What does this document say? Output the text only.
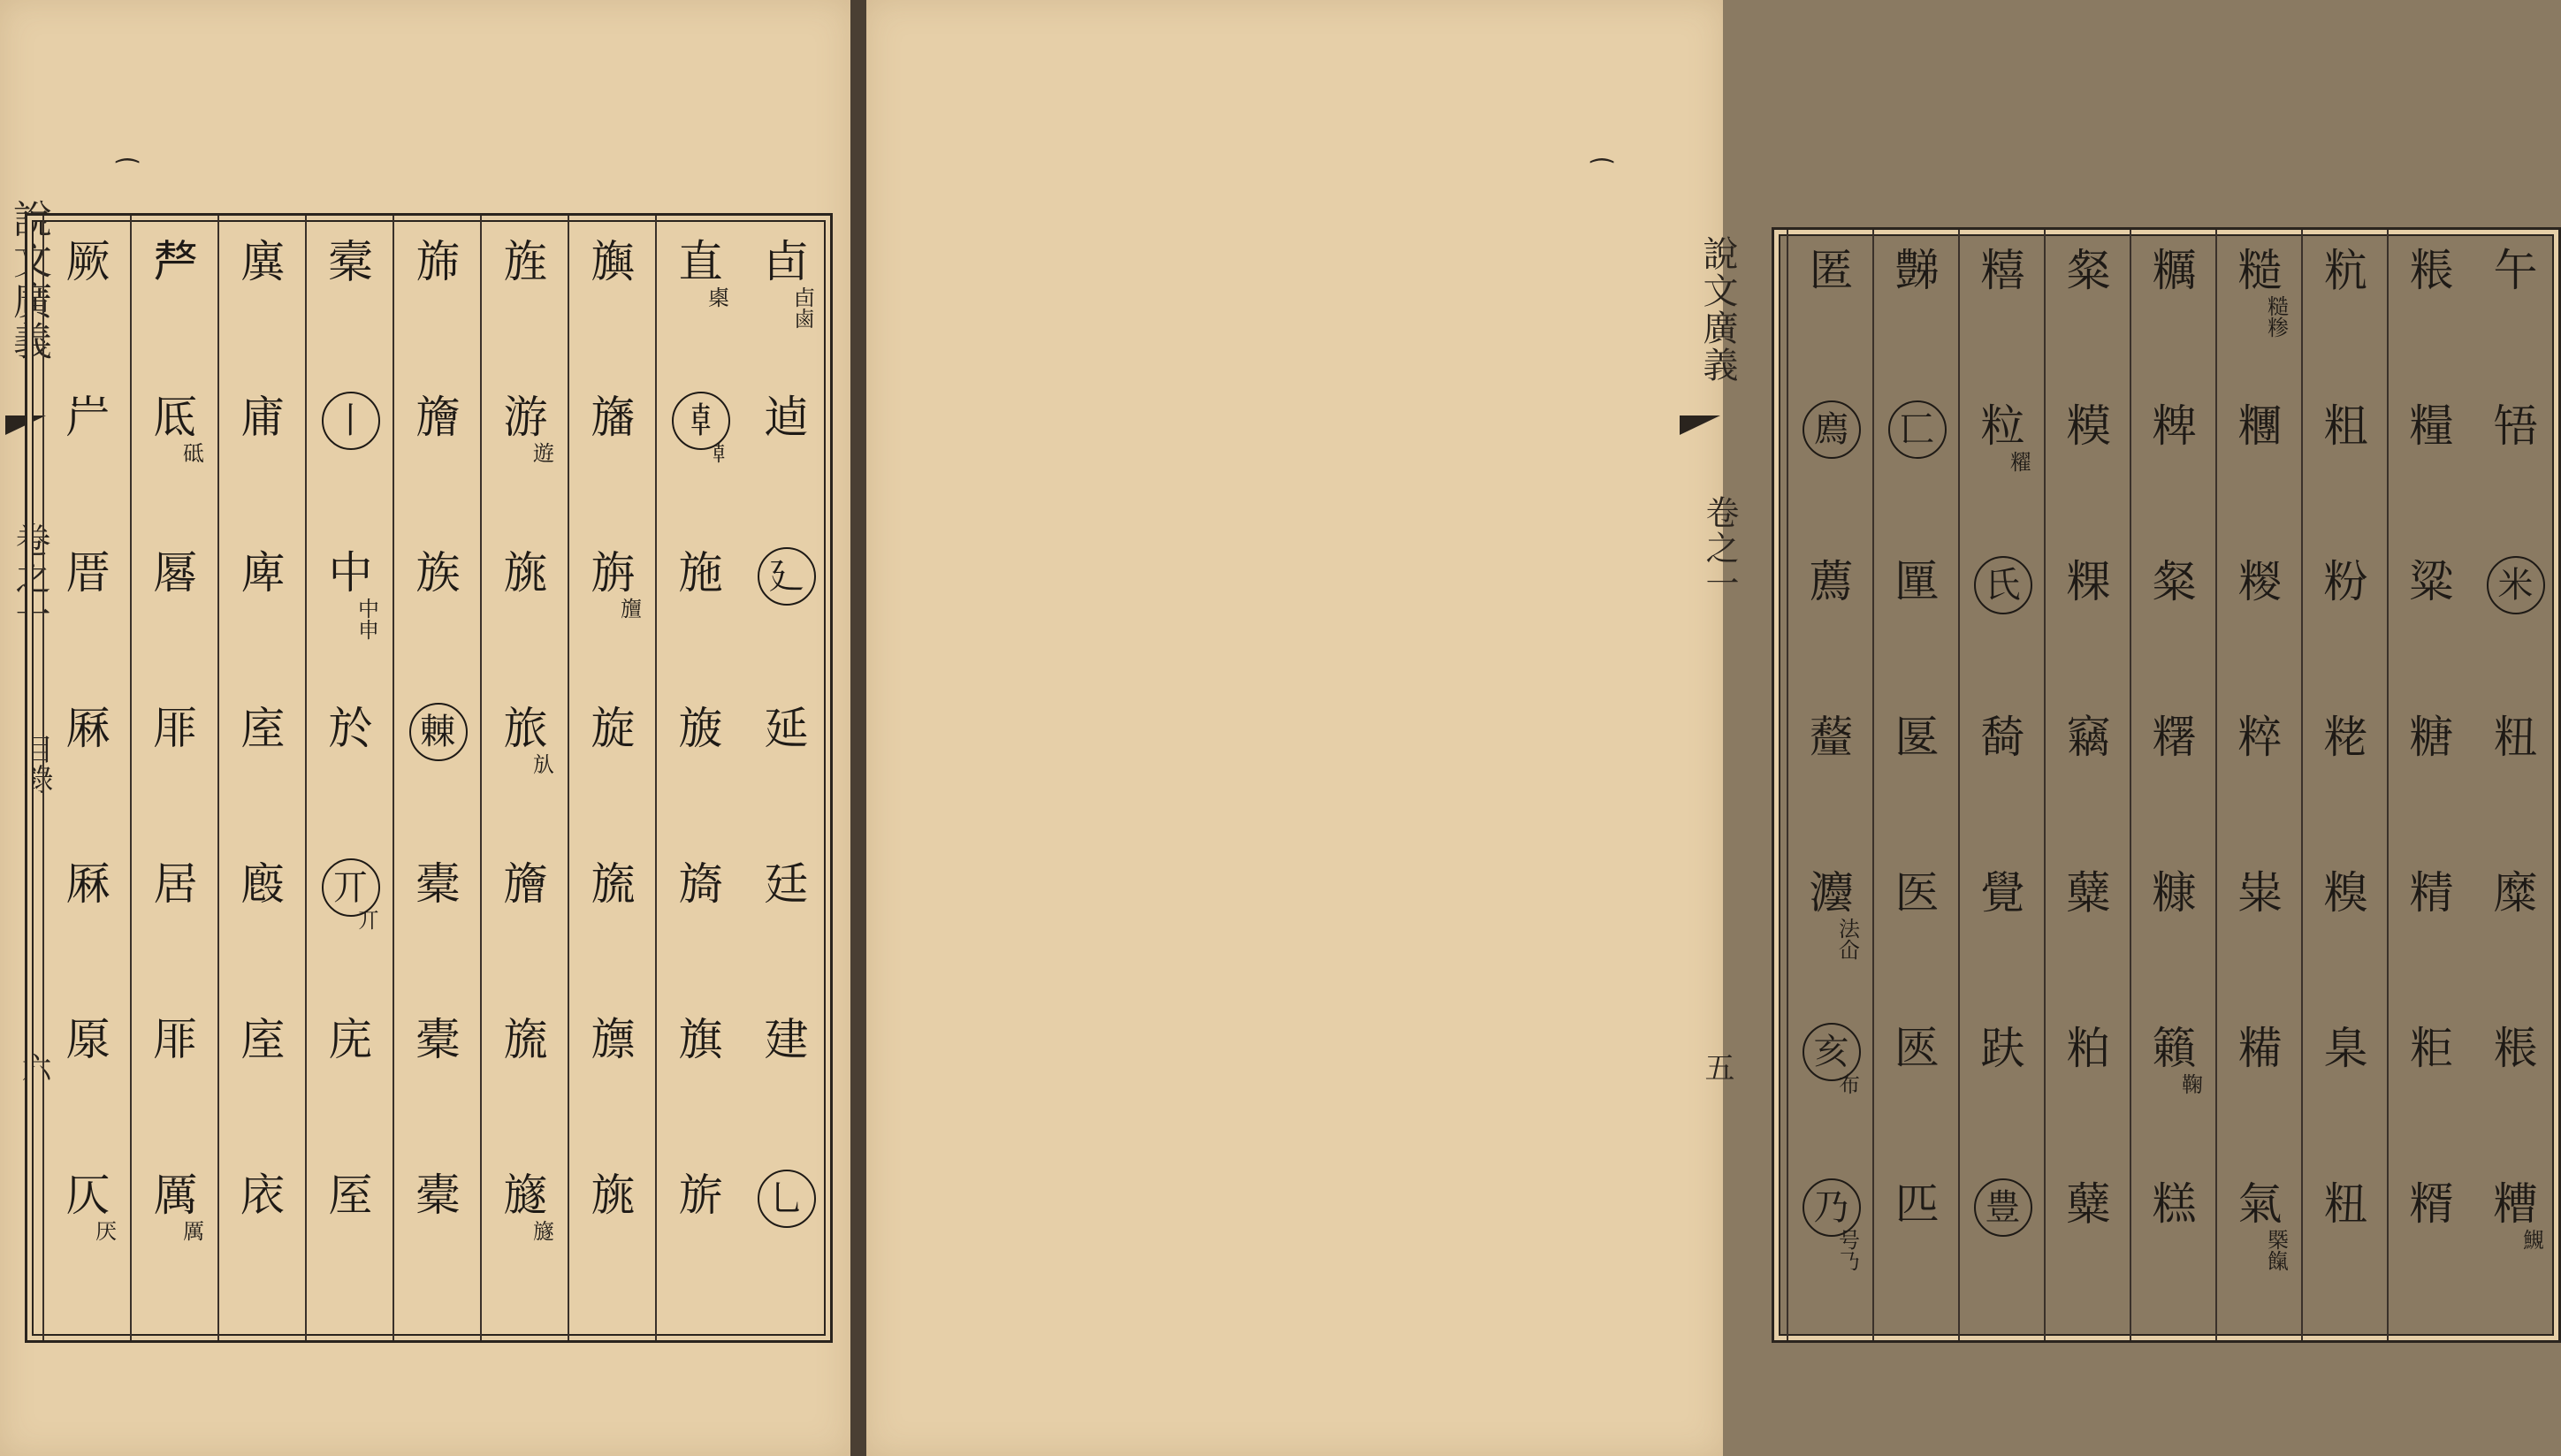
說文廣義
卷之一
目錄
六
卣
卣鹵
逌
廴
延
廷
建
乚
直
㮚
𠦝
𠦝
施
旇
旖
旗
旂
旟
旛
旃
旜
旋
旒
旚
旐
旌
游
遊
旐
旅
㫃
旝
旒
旞
旞
旆
旝
族
㯥
橐
橐
橐
槖
丨
中
中申
於
丌
丌
庑
厔
廙
庯
庳
庢
廏
庢
庡
𠩺
厎
砥
厬
厞
居
厞
厲
厲
厥
屵
厝
厤
厤
厡
仄
厌
⁀
午
啎
米
粈
糜
粻
糟
䲅
粻
糧
粱
糖
精
粔
糈
粇
粗
粉
粩
糗
臬
粈
糙
糙糁
糰
糉
粹
粜
糒
氣
槩餼
糲
粺
粲
糬
糠
籟
鞠
糕
粲
糢
粿
竊
糵
粕
糵
糦
粒
䊮
氏
䭲
覺
趺
豊
豑
匸
匰
匽
医
匧
匹
匿
廌
薦
𧄚
灋
法仚
亥
布
乃
号𠄎
說文廣義
卷之一
五
⁀
